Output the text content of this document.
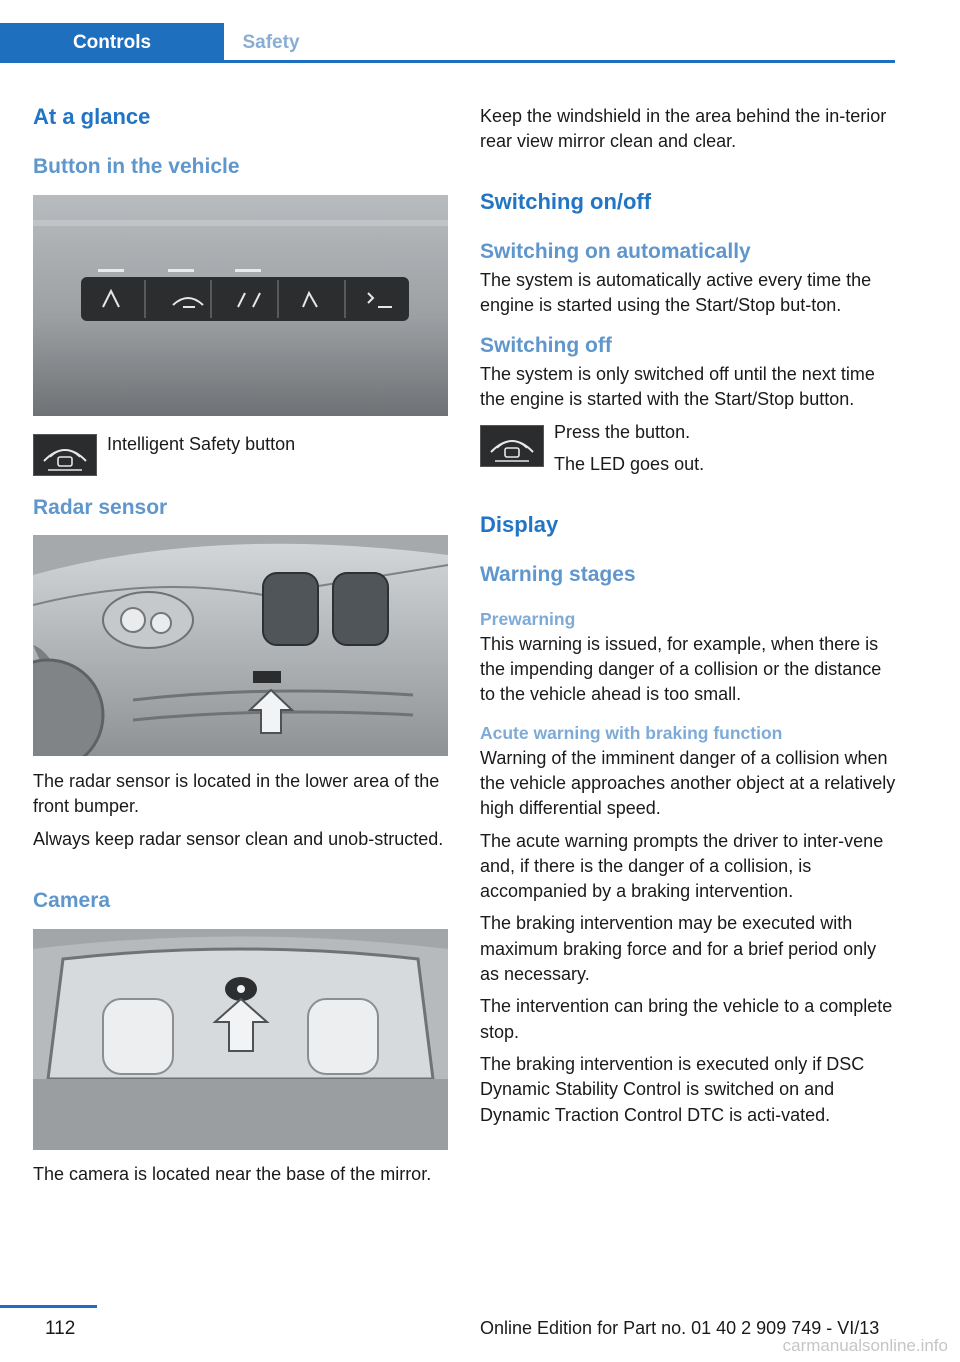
Controls	Safety
At a glance
Button in the vehicle

Intelligent Safety button

Radar sensor

The radar sensor is located in the lower area of the front bumper.

Always keep radar sensor clean and unob-structed.

Camera

The camera is located near the base of the mirror.

Keep the windshield in the area behind the in-terior rear view mirror clean and clear.

Switching on/off
Switching on automatically

The system is automatically active every time the engine is started using the Start/Stop but-ton.

Switching off

The system is only switched off until the next time the engine is started with the Start/Stop button.

Press the button.

The LED goes out.

Display
Warning stages
Prewarning

This warning is issued, for example, when there is the impending danger of a collision or the distance to the vehicle ahead is too small.

Acute warning with braking function

Warning of the imminent danger of a collision when the vehicle approaches another object at a relatively high differential speed.

The acute warning prompts the driver to inter-vene and, if there is the danger of a collision, is accompanied by a braking intervention.

The braking intervention may be executed with maximum braking force and for a brief period only as necessary.

The intervention can bring the vehicle to a complete stop.

The braking intervention is executed only if DSC Dynamic Stability Control is switched on and Dynamic Traction Control DTC is acti-vated.

112	Online Edition for Part no. 01 40 2 909 749 - VI/13
carmanualsonline.info
